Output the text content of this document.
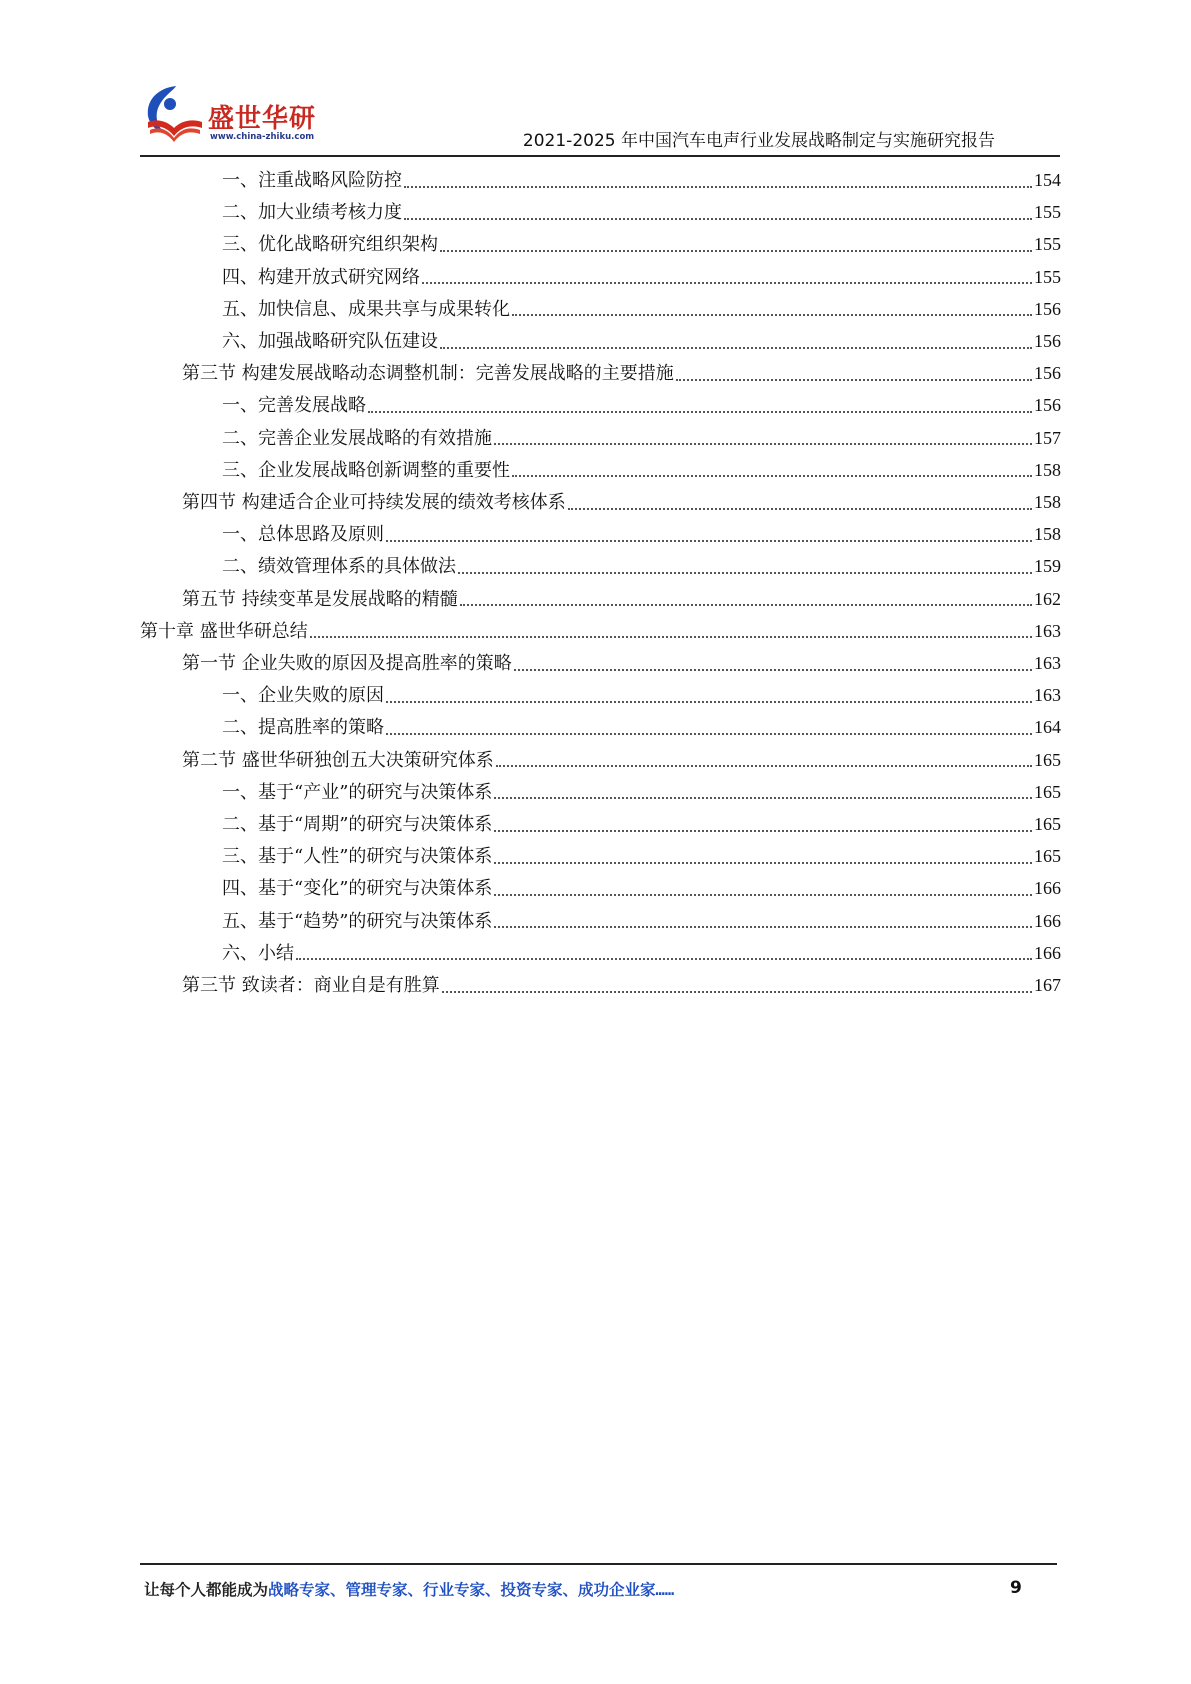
盛世华研
www.china-zhiku.com	2021-2025 年中国汽车电声行业发展战略制定与实施研究报告
一、注重战略风险防控	154
二、加大业绩考核力度	155
三、优化战略研究组织架构	155
四、构建开放式研究网络	155
五、加快信息、成果共享与成果转化	156
六、加强战略研究队伍建设	156
第三节 构建发展战略动态调整机制：完善发展战略的主要措施	156
一、完善发展战略	156
二、完善企业发展战略的有效措施	157
三、企业发展战略创新调整的重要性	158
第四节 构建适合企业可持续发展的绩效考核体系	158
一、总体思路及原则	158
二、绩效管理体系的具体做法	159
第五节 持续变革是发展战略的精髓	162
第十章 盛世华研总结	163
第一节 企业失败的原因及提高胜率的策略	163
一、企业失败的原因	163
二、提高胜率的策略	164
第二节 盛世华研独创五大决策研究体系	165
一、基于“产业”的研究与决策体系	165
二、基于“周期”的研究与决策体系	165
三、基于“人性”的研究与决策体系	165
四、基于“变化”的研究与决策体系	166
五、基于“趋势”的研究与决策体系	166
六、小结	166
第三节 致读者：商业自是有胜算	167
让每个人都能成为战略专家、管理专家、行业专家、投资专家、成功企业家……	9
